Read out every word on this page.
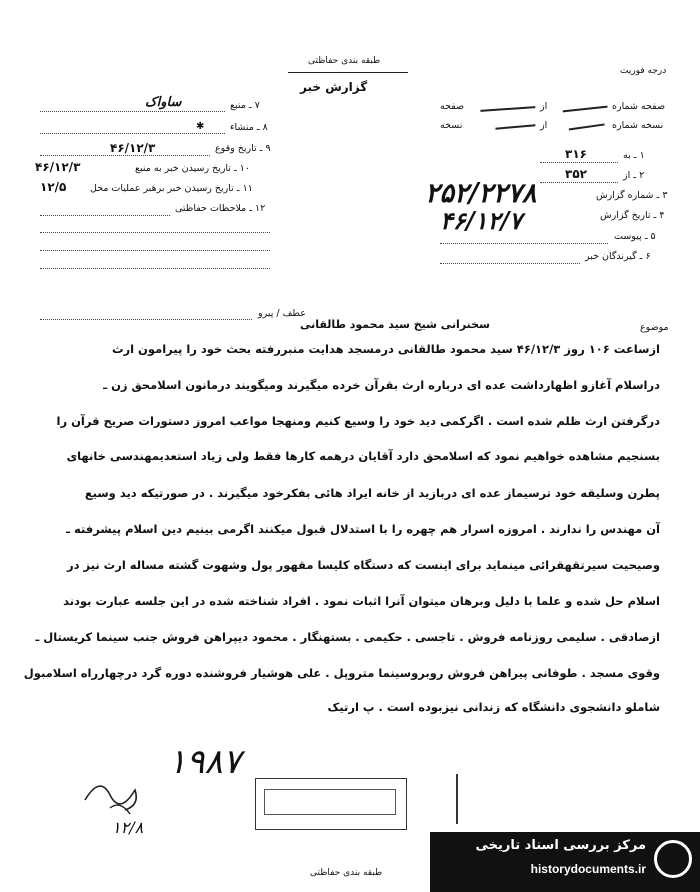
طبقه بندی حفاظتی
گزارش خبر
درجه فوریت
۷ ـ منبع
ساواک
۸ ـ منشاء
✱
۹ ـ تاریخ وقوع
۴۶/۱۲/۳
۱۰ ـ تاریخ رسیدن خبر به منبع
۴۶/۱۲/۳
۱۱ ـ تاریخ رسیدن خبر برهبر عملیات محل
۱۲/۵
۱۲ ـ ملاحظات حفاظتی
صفحه شماره
از
صفحه
نسخه شماره
از
نسخه
۱ ـ به
۳۱۶
۲ ـ از
۳۵۲
۳ ـ شماره گزارش
۴ ـ تاریخ گزارش
۵ ـ پیوست
۶ ـ گیرندگان خبر
۲۵۲/۲۲۷۸
۴۶/۱۲/۷
عطف / پیرو
موضوع
سخنرانی شیخ سید محمود طالقانی
ازساعت ۱۰۶ روز ۴۶/۱۲/۳ سید محمود طالقانی درمسجد هدایت منبررفته بحث خود را پیرامون ارث
دراسلام آغازو اظهارداشت عده ای درباره ارث بقرآن خرده میگیرند ومیگویند درمانون اسلامحق زن ـ
درگرفتن ارث ظلم شده است . اگرکمی دید خود را وسیع کنیم ومنهجا مواعب امروز دستورات صریح قرآن را
بسنجیم مشاهده خواهیم نمود که اسلامحق دارد آقایان درهمه کارها فقط ولی زیاد استعدیمهندسی خانهای
پطرن وسلیقه خود ترسیماز عده ای دربازید از خانه ایراد هائی بفکرخود میگیرند . در صورتیکه دید وسیع
آن مهندس را ندارند . امروزه اسرار هم چهره را با استدلال قبول میکنند اگرمی بینیم دین اسلام پیشرفته ـ
وصیحیت سیرتقهقرائی مینماید برای اینست که دستگاه کلیسا مقهور پول وشهوت گشته مساله ارث نیز در
اسلام حل شده و علما با دلیل وبرهان میتوان آنرا اثبات نمود . افراد شناخته شده در این جلسه عبارت بودند
ازصادقی . سلیمی روزنامه فروش . تاجسی . حکیمی . بستهنگار . محمود دیپراهن فروش جنب سینما کریستال ـ
وقوی مسجد . طوفانی پیراهن فروش روبروسینما متروپل . علی هوشیار فروشنده دوره گرد درچهارراه اسلامبول
شاملو دانشجوی دانشگاه که زندانی نیزبوده است . پ ارتیک
۱۹۸۷
۱۲/۸
طبقه بندی حفاظتی
مرکز بررسی اسناد تاریخی
historydocuments.ir
